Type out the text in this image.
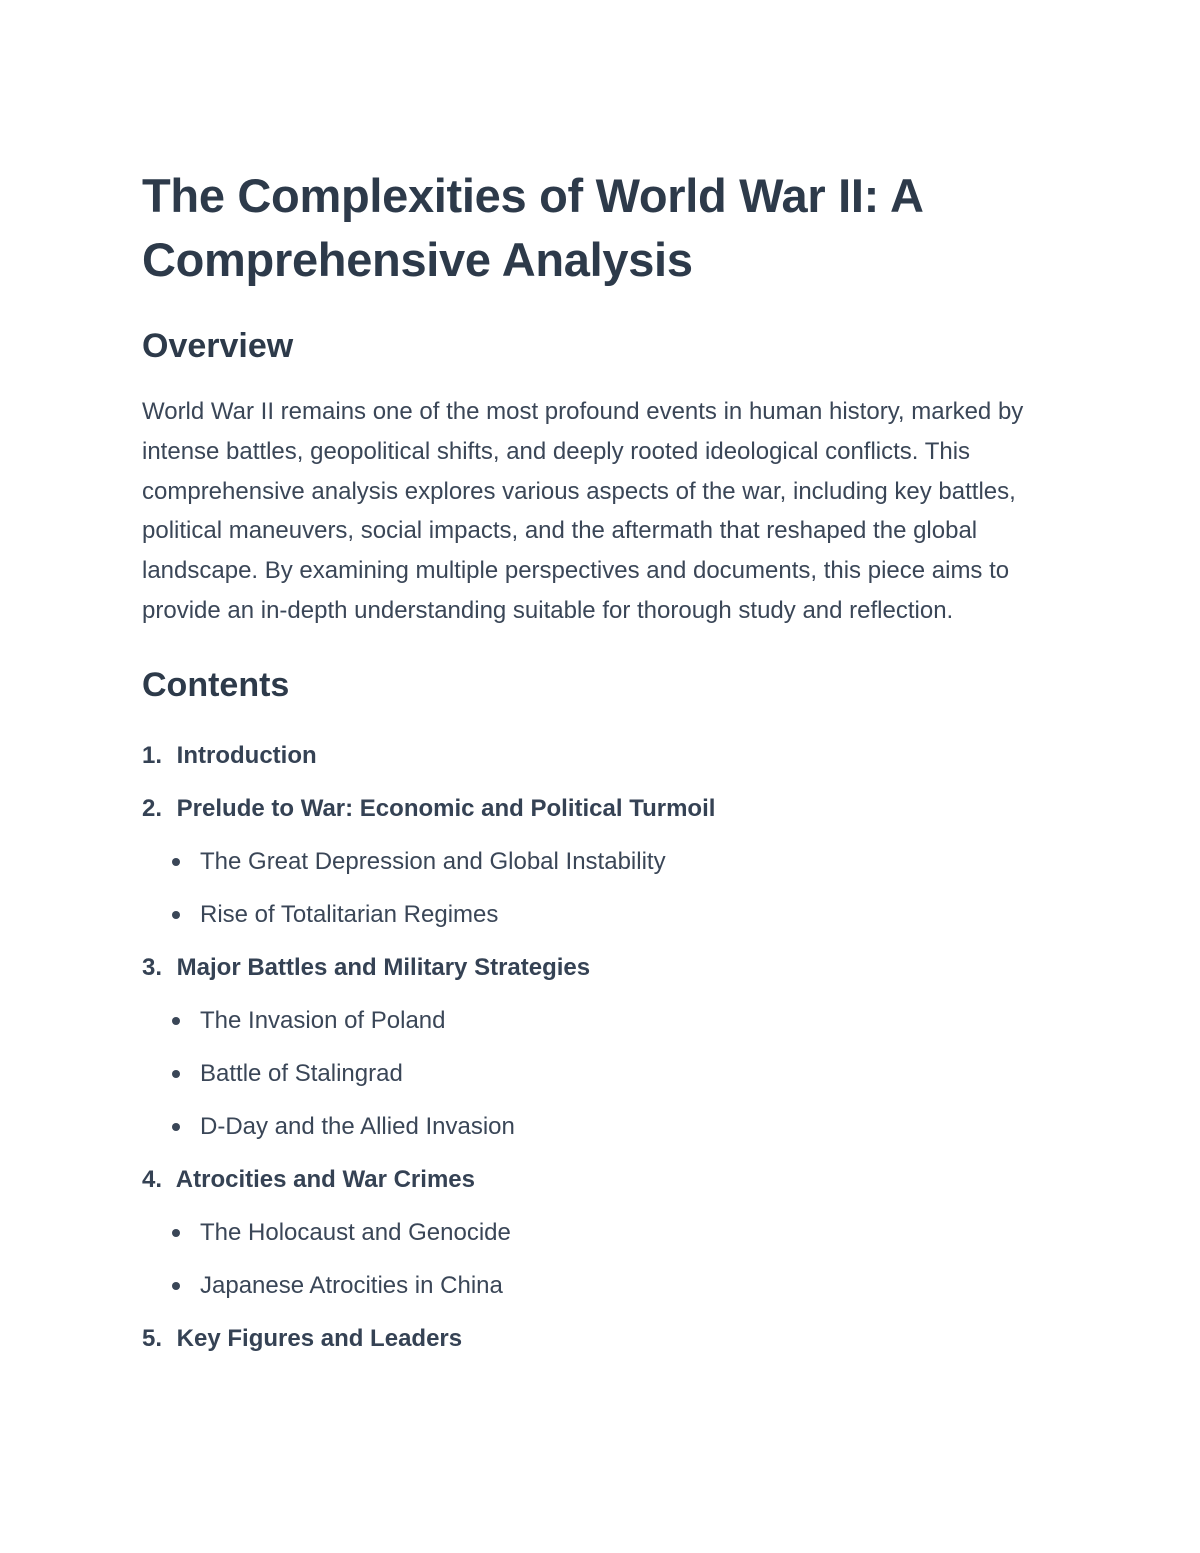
The Complexities of World War II: A Comprehensive Analysis
Overview

World War II remains one of the most profound events in human history, marked by intense battles, geopolitical shifts, and deeply rooted ideological conflicts. This comprehensive analysis explores various aspects of the war, including key battles, political maneuvers, social impacts, and the aftermath that reshaped the global landscape. By examining multiple perspectives and documents, this piece aims to provide an in-depth understanding suitable for thorough study and reflection.

Contents
1. Introduction
2. Prelude to War: Economic and Political Turmoil
The Great Depression and Global Instability
Rise of Totalitarian Regimes
3. Major Battles and Military Strategies
The Invasion of Poland
Battle of Stalingrad
D-Day and the Allied Invasion
4. Atrocities and War Crimes
The Holocaust and Genocide
Japanese Atrocities in China
5. Key Figures and Leaders
